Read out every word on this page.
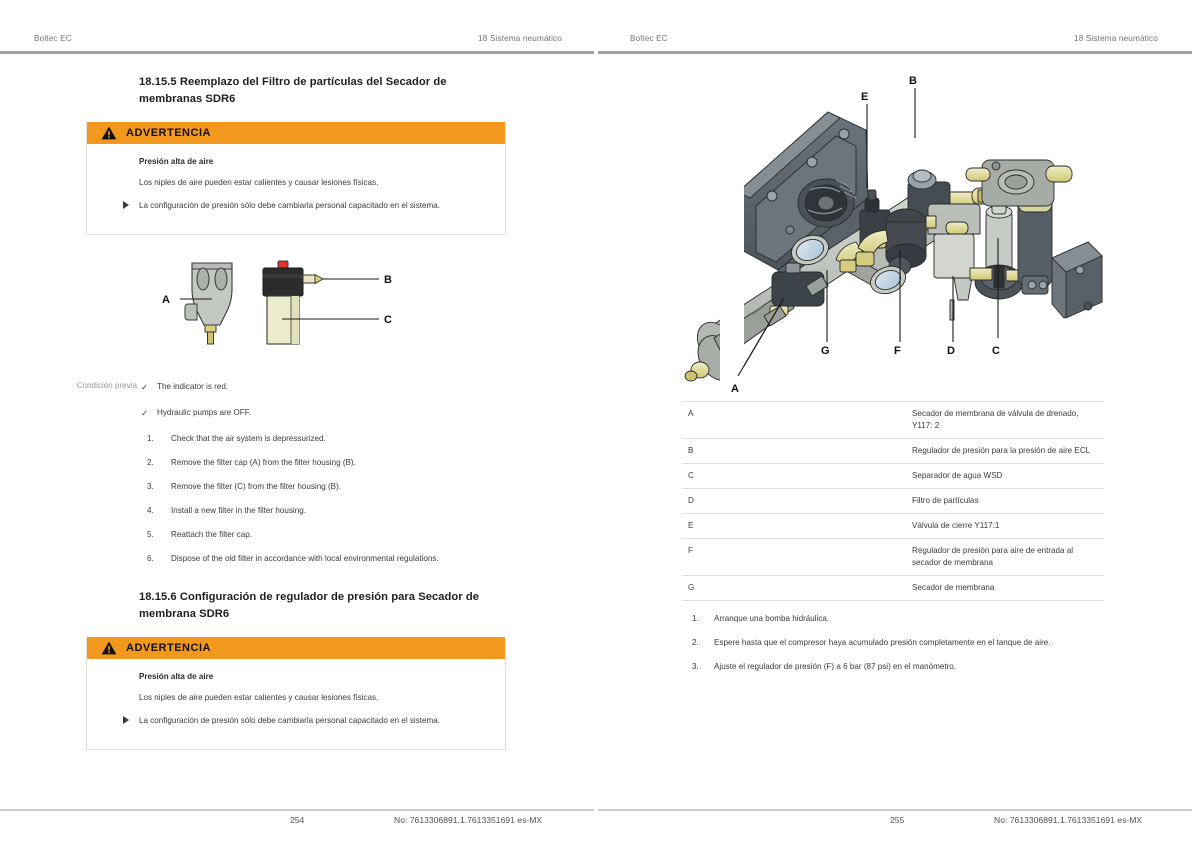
Boltec EC	18 Sistema neumático
18.15.5 Reemplazo del Filtro de partículas del Secador de membranas SDR6
ADVERTENCIA

Presión alta de aire

Los niples de aire pueden estar calientes y causar lesiones físicas.

La configuración de presión sólo debe cambiarla personal capacitado en el sistema.
A
B
C
Condición previa ✓ The indicator is red.

✓ Hydraulic pumps are OFF.

Check that the air system is depressurized.
Remove the filter cap (A) from the filter housing (B).
Remove the filter (C) from the filter housing (B).
Install a new filter in the filter housing.
Reattach the filter cap.
Dispose of the old filter in accordance with local environmental regulations.
18.15.6 Configuración de regulador de presión para Secador de membrana SDR6
ADVERTENCIA

Presión alta de aire

Los niples de aire pueden estar calientes y causar lesiones físicas.

La configuración de presión sólo debe cambiarla personal capacitado en el sistema.
254	No: 7613306891.1.7613351691 es-MX
Boltec EC	18 Sistema neumático
A
B
E
C
D
F
G
A	Secador de membrana de válvula de drenado, Y117: 2
B	Regulador de presión para la presión de aire ECL
C	Separador de agua WSD
D	Filtro de partículas
E	Válvula de cierre Y117:1
F	Regulador de presión para aire de entrada al secador de membrana
G	Secador de membrana
Arranque una bomba hidráulica.
Espere hasta que el compresor haya acumulado presión completamente en el tanque de aire.
Ajuste el regulador de presión (F) a 6 bar (87 psi) en el manómetro.
255	No: 7613306891.1.7613351691 es-MX
